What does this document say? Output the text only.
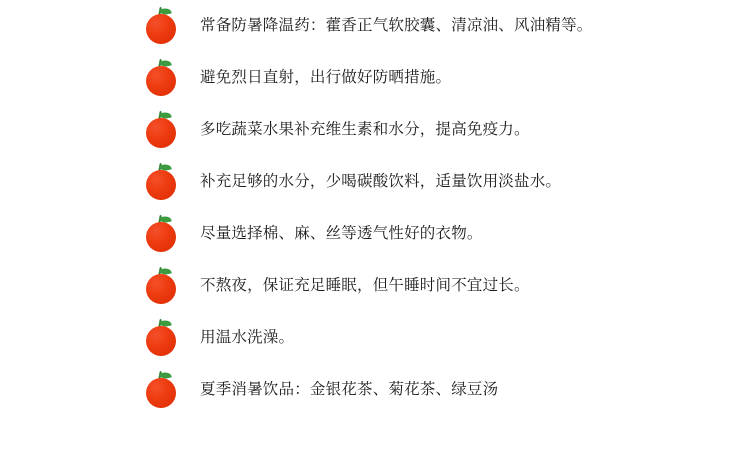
常备防暑降温药：藿香正气软胶囊、清凉油、风油精等。
避免烈日直射，出行做好防晒措施。
多吃蔬菜水果补充维生素和水分，提高免疫力。
补充足够的水分，少喝碳酸饮料，适量饮用淡盐水。
尽量选择棉、麻、丝等透气性好的衣物。
不熬夜，保证充足睡眠，但午睡时间不宜过长。
用温水洗澡。
夏季消暑饮品：金银花茶、菊花茶、绿豆汤
